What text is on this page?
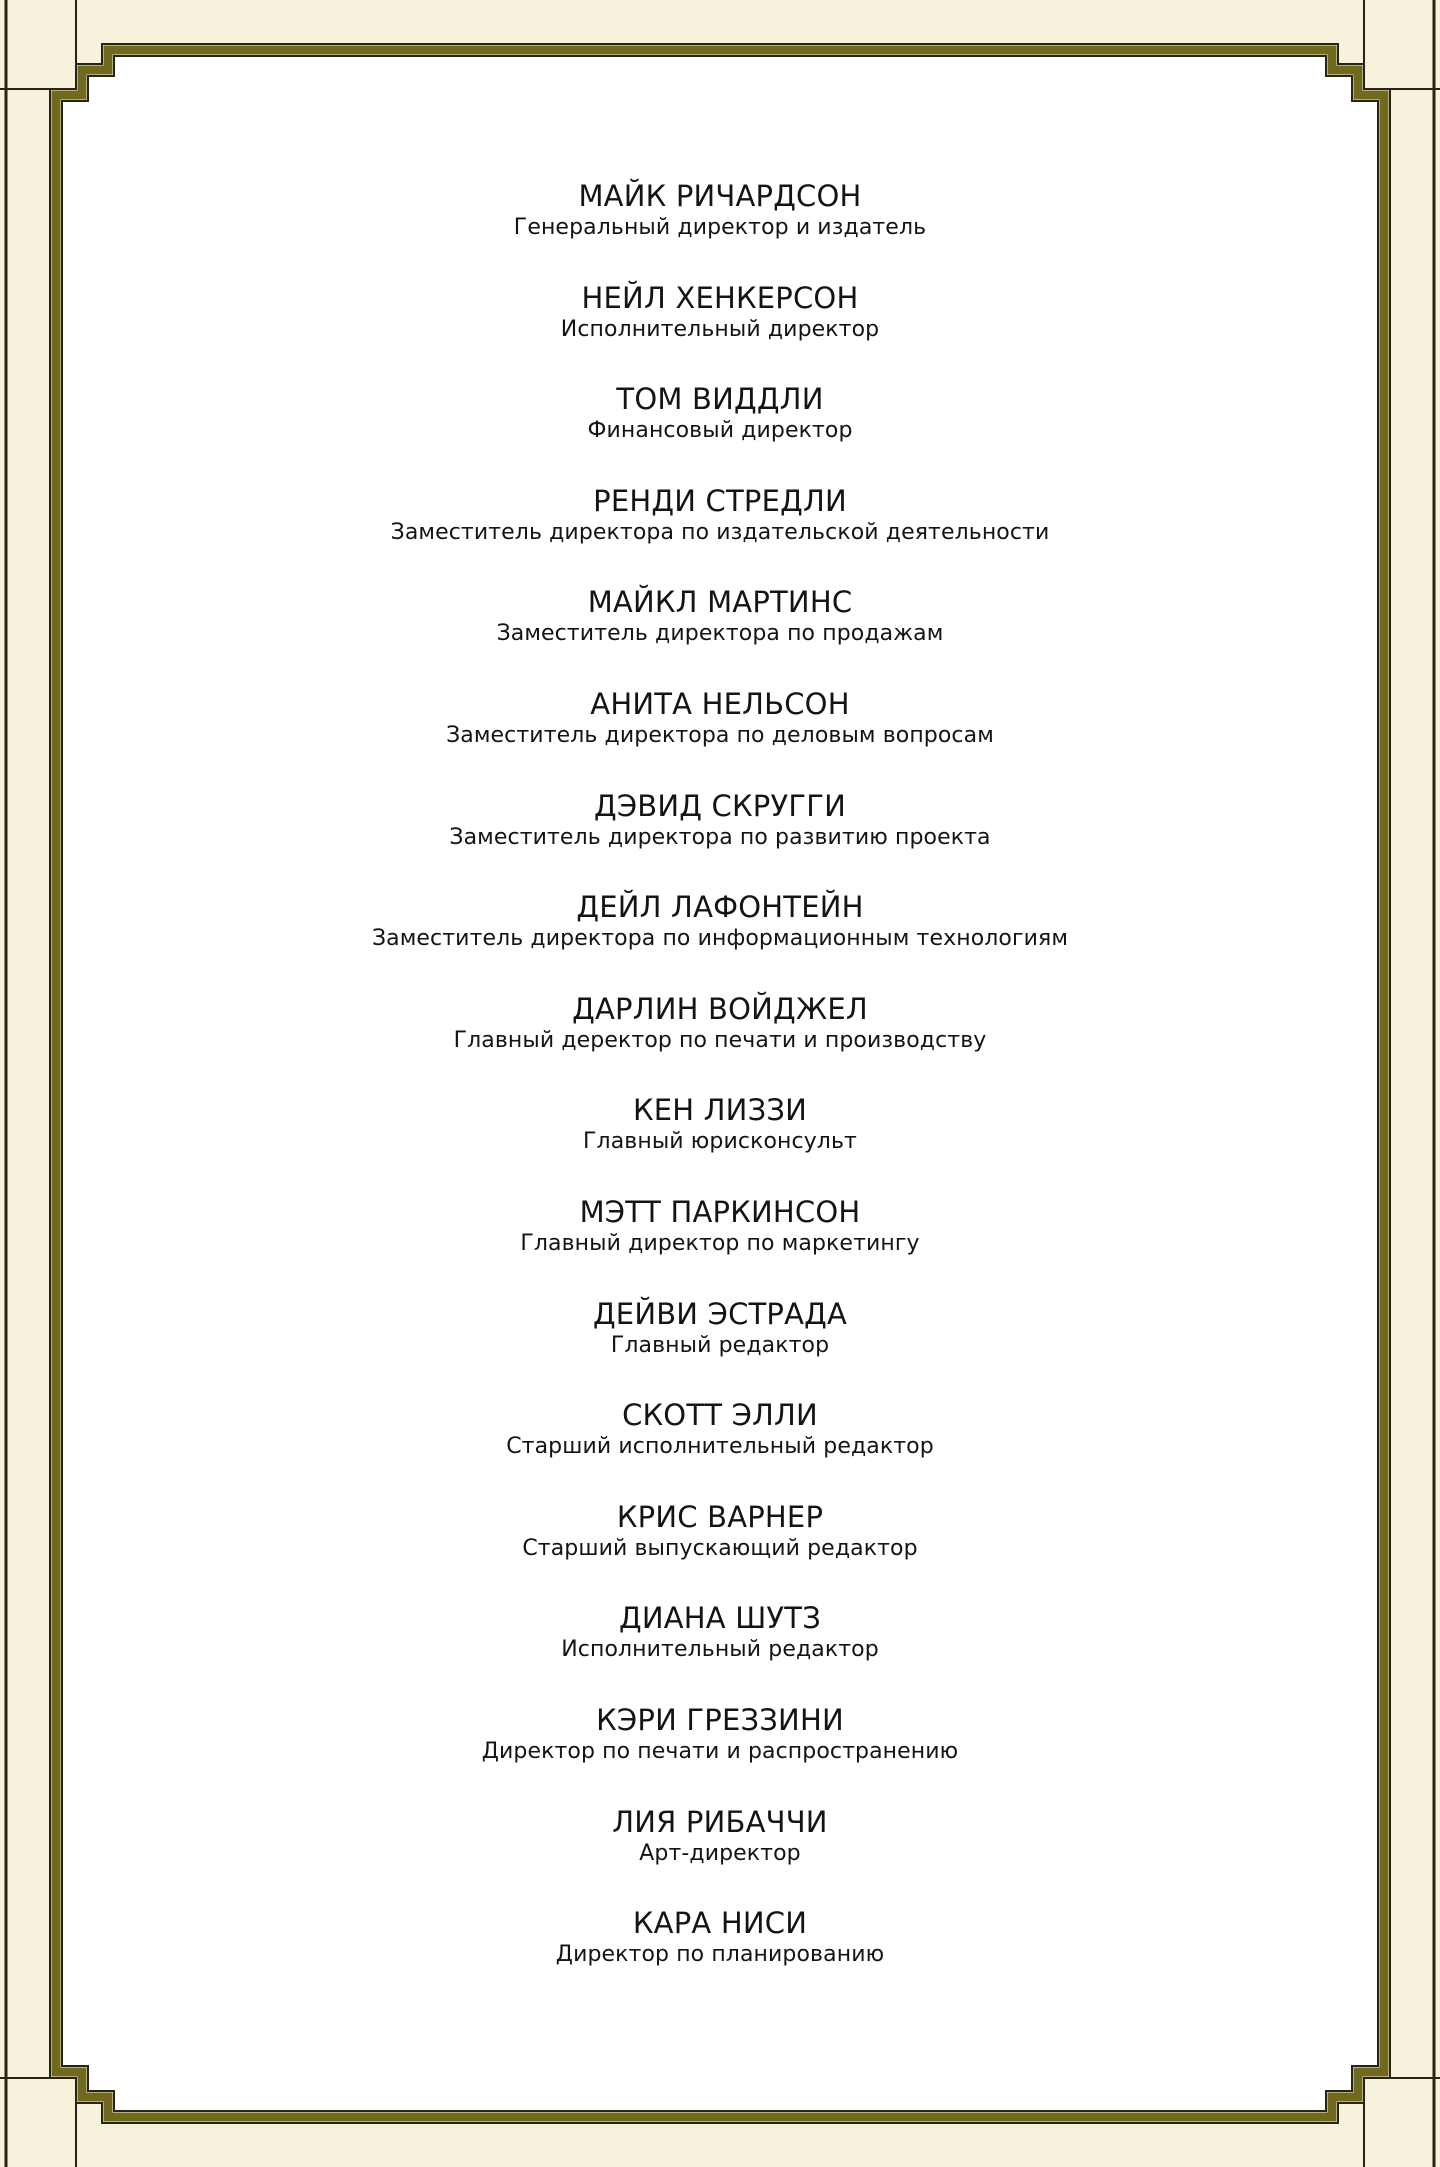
МАЙК РИЧАРДСОН
Генеральный директор и издатель
НЕЙЛ ХЕНКЕРСОН
Исполнительный директор
ТОМ ВИДДЛИ
Финансовый директор
РЕНДИ СТРЕДЛИ
Заместитель директора по издательской деятельности
МАЙКЛ МАРТИНС
Заместитель директора по продажам
АНИТА НЕЛЬСОН
Заместитель директора по деловым вопросам
ДЭВИД СКРУГГИ
Заместитель директора по развитию проекта
ДЕЙЛ ЛАФОНТЕЙН
Заместитель директора по информационным технологиям
ДАРЛИН ВОЙДЖЕЛ
Главный деректор по печати и производству
КЕН ЛИЗЗИ
Главный юрисконсульт
МЭТТ ПАРКИНСОН
Главный директор по маркетингу
ДЕЙВИ ЭСТРАДА
Главный редактор
СКОТТ ЭЛЛИ
Старший исполнительный редактор
КРИС ВАРНЕР
Старший выпускающий редактор
ДИАНА ШУТЗ
Исполнительный редактор
КЭРИ ГРЕЗЗИНИ
Директор по печати и распространению
ЛИЯ РИБАЧЧИ
Арт-директор
КАРА НИСИ
Директор по планированию
